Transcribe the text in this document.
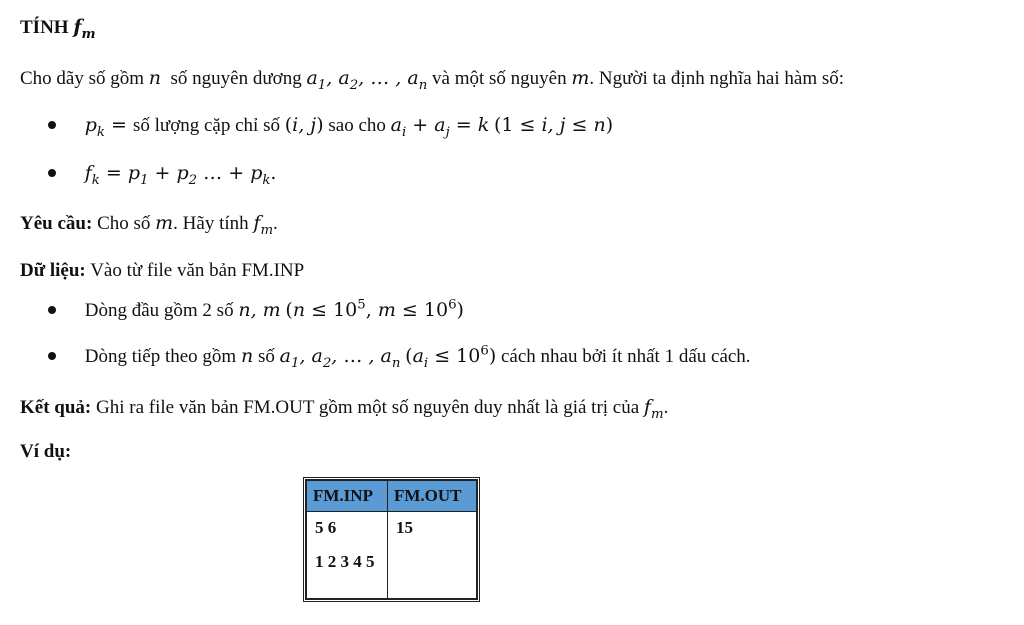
TÍNH $f_m$
Cho dãy số gồm n số nguyên dương $a_1$, $a_2$, … , $a_n$ và một số nguyên m. Người ta định nghĩa hai hàm số:
$p_k$ = số lượng cặp chỉ số (i, j) sao cho $a_i + a_j = k$ (1 ≤ i, j ≤ n)
$f_k = p_1 + p_2$ … + $p_k$.
Yêu cầu: Cho số m. Hãy tính $f_m$.
Dữ liệu: Vào từ file văn bản FM.INP
Dòng đầu gồm 2 số n, m ($n \le 10^5$, $m \le 10^6$)
Dòng tiếp theo gồm n số $a_1$, $a_2$, … , $a_n$ $(a_i \le 10^6)$ cách nhau bởi ít nhất 1 dấu cách.
Kết quả: Ghi ra file văn bản FM.OUT gồm một số nguyên duy nhất là giá trị của $f_m$.
Ví dụ:
FM.INP	FM.OUT

5 6
1 2 3 4 5	15
